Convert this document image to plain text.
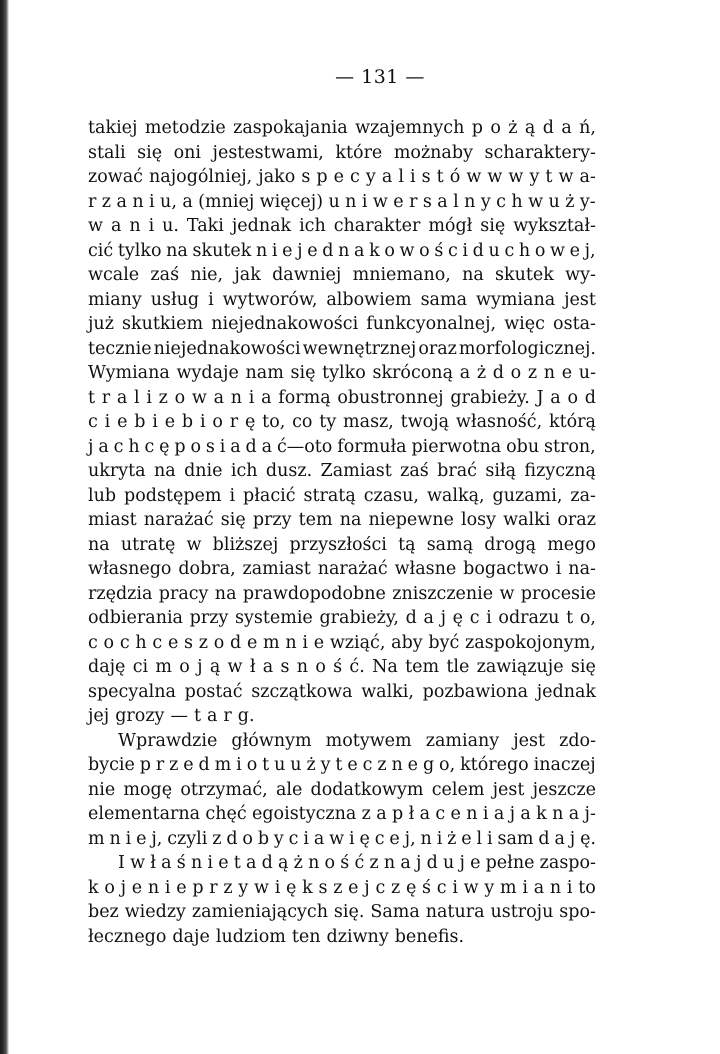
— 131 —
takiej metodzie zaspokajania wzajemnych p o ż ą d a ń,
stali się oni jestestwami, które możnaby scharaktery-
zować najogólniej, jako s p e c y a l i s t ó w w w y t w a-
r z a n i u, a (mniej więcej) u n i w e r s a l n y c h w u ż y-
w a n i u. Taki jednak ich charakter mógł się wykształ-
cić tylko na skutek n i e j e d n a k o w o ś c i d u c h o w e j,
wcale zaś nie, jak dawniej mniemano, na skutek wy-
miany usług i wytworów, albowiem sama wymiana jest
już skutkiem niejednakowości funkcyonalnej, więc osta-
tecznie niejednakowości wewnętrznej oraz morfologicznej.
Wymiana wydaje nam się tylko skróconą a ż d o z n e u-
t r a l i z o w a n i a formą obustronnej grabieży. J a o d
c i e b i e b i o r ę to, co ty masz, twoją własność, którą
j a c h c ę p o s i a d a ć—oto formuła pierwotna obu stron,
ukryta na dnie ich dusz. Zamiast zaś brać siłą fizyczną
lub podstępem i płacić stratą czasu, walką, guzami, za-
miast narażać się przy tem na niepewne losy walki oraz
na utratę w bliższej przyszłości tą samą drogą mego
własnego dobra, zamiast narażać własne bogactwo i na-
rzędzia pracy na prawdopodobne zniszczenie w procesie
odbierania przy systemie grabieży, d a j ę c i odrazu t o,
c o c h c e s z o d e m n i e wziąć, aby być zaspokojonym,
daję ci m o j ą w ł a s n o ś ć. Na tem tle zawiązuje się
specyalna postać szczątkowa walki, pozbawiona jednak
jej grozy — t a r g.
Wprawdzie głównym motywem zamiany jest zdo-
bycie p r z e d m i o t u u ż y t e c z n e g o, którego inaczej
nie mogę otrzymać, ale dodatkowym celem jest jeszcze
elementarna chęć egoistyczna z a p ł a c e n i a j a k n a j-
m n i e j, czyli z d o b y c i a w i ę c e j, n i ż e l i sam d a j ę.
I w ł a ś n i e t a d ą ż n o ś ć z n a j d u j e pełne zaspo-
k o j e n i e p r z y w i ę k s z e j c z ę ś c i w y m i a n i to
bez wiedzy zamieniających się. Sama natura ustroju spo-
łecznego daje ludziom ten dziwny benefis.
